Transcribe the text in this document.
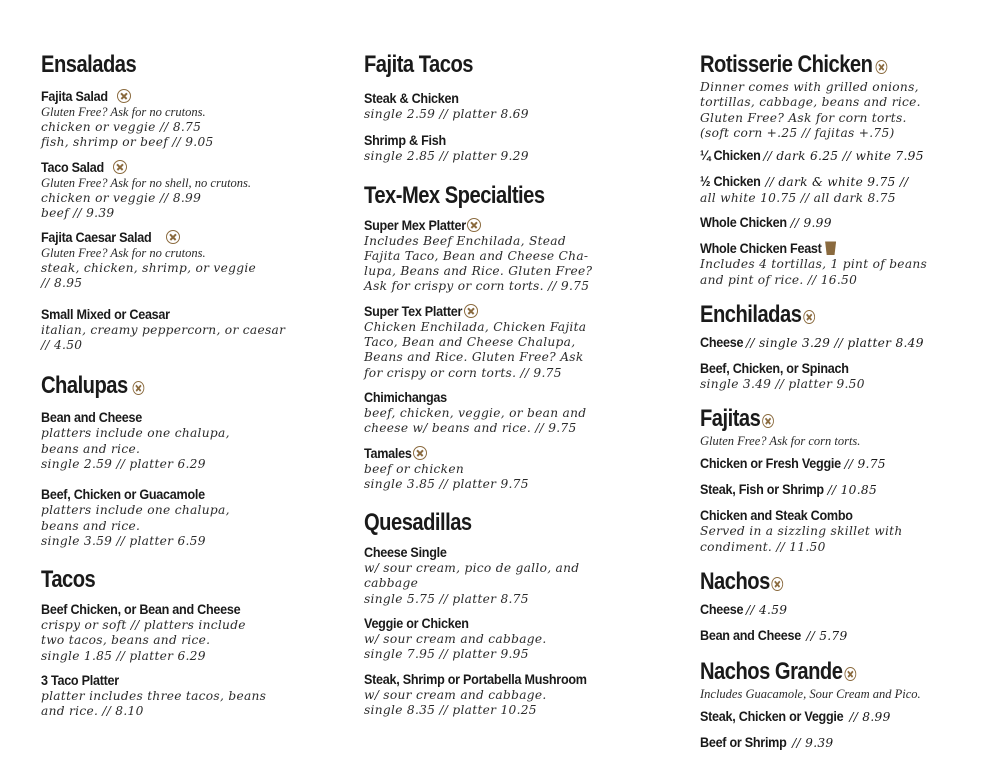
Ensaladas
Fajita Salad
Gluten Free? Ask for no crutons.
chicken or veggie // 8.75
fish, shrimp or beef // 9.05
Taco Salad
Gluten Free? Ask for no shell, no crutons.
chicken or veggie // 8.99
beef // 9.39
Fajita Caesar Salad
Gluten Free? Ask for no crutons.
steak, chicken, shrimp, or veggie
// 8.95
Small Mixed or Ceasar
italian, creamy peppercorn, or caesar
// 4.50
Chalupas
Bean and Cheese
platters include one chalupa,
beans and rice.
single 2.59 // platter 6.29
Beef, Chicken or Guacamole
platters include one chalupa,
beans and rice.
single 3.59 // platter 6.59
Tacos
Beef Chicken, or Bean and Cheese
crispy or soft // platters include
two tacos, beans and rice.
single 1.85 // platter 6.29
3 Taco Platter
platter includes three tacos, beans
and rice. // 8.10
Fajita Tacos
Steak & Chicken
single 2.59 // platter 8.69
Shrimp & Fish
single 2.85 // platter 9.29
Tex-Mex Specialties
Super Mex Platter
Includes Beef Enchilada, Stead
Fajita Taco, Bean and Cheese Cha-
lupa, Beans and Rice. Gluten Free?
Ask for crispy or corn torts. // 9.75
Super Tex Platter
Chicken Enchilada, Chicken Fajita
Taco, Bean and Cheese Chalupa,
Beans and Rice. Gluten Free? Ask
for crispy or corn torts. // 9.75
Chimichangas
beef, chicken, veggie, or bean and
cheese w/ beans and rice. // 9.75
Tamales
beef or chicken
single 3.85 // platter 9.75
Quesadillas
Cheese Single
w/ sour cream, pico de gallo, and
cabbage
single 5.75 // platter 8.75
Veggie or Chicken
w/ sour cream and cabbage.
single 7.95 // platter 9.95
Steak, Shrimp or Portabella Mushroom
w/ sour cream and cabbage.
single 8.35 // platter 10.25
Rotisserie Chicken
Dinner comes with grilled onions,
tortillas, cabbage, beans and rice.
Gluten Free? Ask for corn torts.
(soft corn +.25 // fajitas +.75)
¼ Chicken // dark 6.25 // white 7.95
½ Chicken // dark & white 9.75 //
all white 10.75 // all dark 8.75
Whole Chicken // 9.99
Whole Chicken Feast
Includes 4 tortillas, 1 pint of beans
and pint of rice. // 16.50
Enchiladas
Cheese // single 3.29 // platter 8.49
Beef, Chicken, or Spinach
single 3.49 // platter 9.50
Fajitas
Gluten Free? Ask for corn torts.
Chicken or Fresh Veggie // 9.75
Steak, Fish or Shrimp // 10.85
Chicken and Steak Combo
Served in a sizzling skillet with
condiment. // 11.50
Nachos
Cheese // 4.59
Bean and Cheese // 5.79
Nachos Grande
Includes Guacamole, Sour Cream and Pico.
Steak, Chicken or Veggie // 8.99
Beef or Shrimp // 9.39
